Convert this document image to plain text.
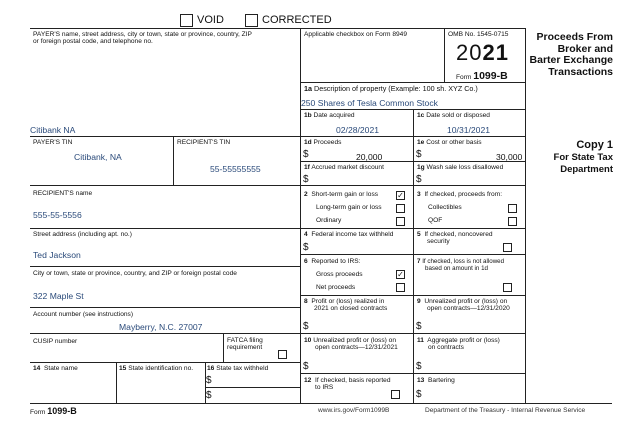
VOID	CORRECTED
PAYER'S name, street address, city or town, state or province, country, ZIP
or foreign postal code, and telephone no.
Citibank NA
Applicable checkbox on Form 8949	OMB No. 1545-0715
2021
Form 1099-B
Proceeds From
Broker and
Barter Exchange
Transactions
Copy 1
For State Tax
Department
1a Description of property (Example: 100 sh. XYZ Co.)
250 Shares of Tesla Common Stock
1b Date acquired
02/28/2021
1c Date sold or disposed
10/31/2021
PAYER'S TIN
Citibank, NA
RECIPIENT'S TIN
55-55555555
1d Proceeds
$	20,000
1e Cost or other basis
$	30,000
1f Accrued market discount
$
1g Wash sale loss disallowed
$
RECIPIENT'S name
555-55-5556
2 Short-term gain or loss ✓
Long-term gain or loss
Ordinary
3 If checked, proceeds from:
Collectibles
QOF
Street address (including apt. no.)
Ted Jackson
4 Federal income tax withheld
$
5 If checked, noncovered
security
City or town, state or province, country, and ZIP or foreign postal code
322 Maple St
6 Reported to IRS:
Gross proceeds	✓
Net proceeds
7 If checked, loss is not allowed
based on amount in 1d
Account number (see instructions)
Mayberry, N.C. 27007
8 Profit or (loss) realized in
2021 on closed contracts
$
9 Unrealized profit or (loss) on
open contracts—12/31/2020
$
CUSIP number	FATCA filing
requirement
10 Unrealized profit or (loss) on
open contracts—12/31/2021
$
11 Aggregate profit or (loss)
on contracts
$
14 State name	15 State identification no. 16 State tax withheld
$
$
12 If checked, basis reported
to IRS
13 Bartering
$
Form 1099-B	www.irs.gov/Form1099B	Department of the Treasury - Internal Revenue Service
